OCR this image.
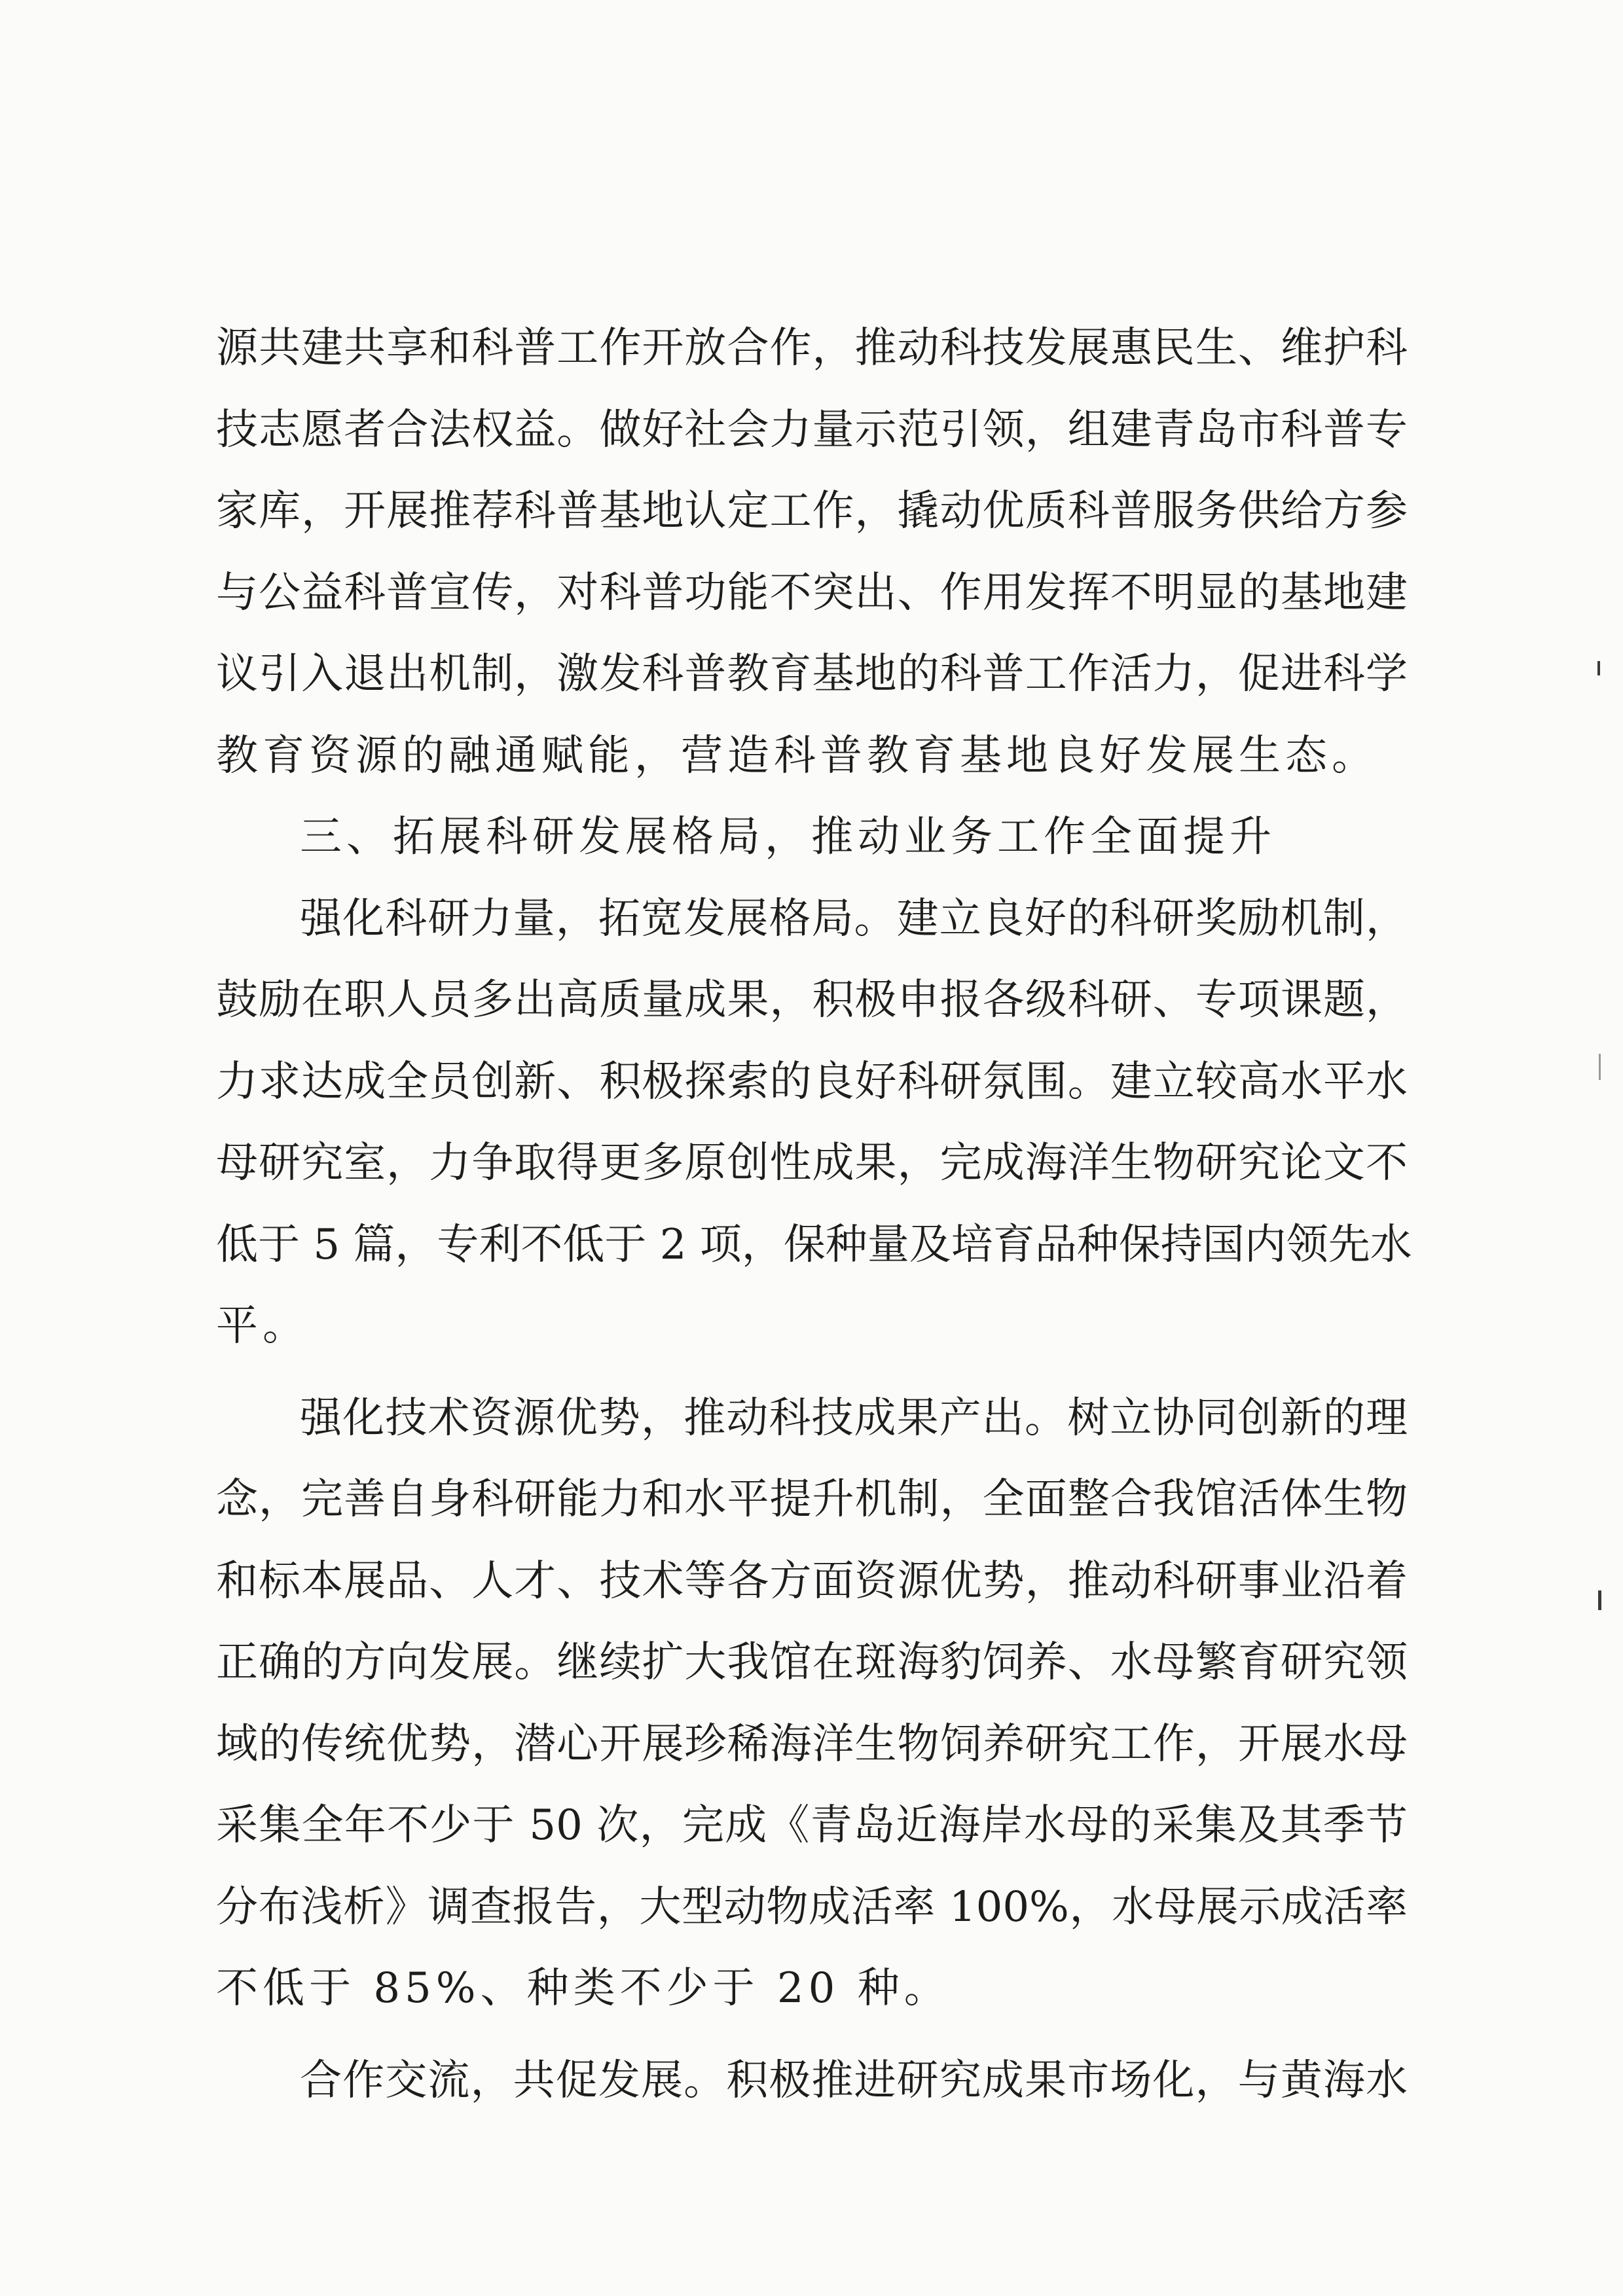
源共建共享和科普工作开放合作，推动科技发展惠民生、维护科
技志愿者合法权益。做好社会力量示范引领，组建青岛市科普专
家库，开展推荐科普基地认定工作，撬动优质科普服务供给方参
与公益科普宣传，对科普功能不突出、作用发挥不明显的基地建
议引入退出机制，激发科普教育基地的科普工作活力，促进科学
教育资源的融通赋能，营造科普教育基地良好发展生态。
三、拓展科研发展格局，推动业务工作全面提升
强化科研力量，拓宽发展格局。建立良好的科研奖励机制，
鼓励在职人员多出高质量成果，积极申报各级科研、专项课题，
力求达成全员创新、积极探索的良好科研氛围。建立较高水平水
母研究室，力争取得更多原创性成果，完成海洋生物研究论文不
低于 5 篇，专利不低于 2 项，保种量及培育品种保持国内领先水
平。
强化技术资源优势，推动科技成果产出。树立协同创新的理
念，完善自身科研能力和水平提升机制，全面整合我馆活体生物
和标本展品、人才、技术等各方面资源优势，推动科研事业沿着
正确的方向发展。继续扩大我馆在斑海豹饲养、水母繁育研究领
域的传统优势，潜心开展珍稀海洋生物饲养研究工作，开展水母
采集全年不少于 50 次，完成《青岛近海岸水母的采集及其季节
分布浅析》调查报告，大型动物成活率 100%，水母展示成活率
不低于 85%、种类不少于 20 种。
合作交流，共促发展。积极推进研究成果市场化，与黄海水
